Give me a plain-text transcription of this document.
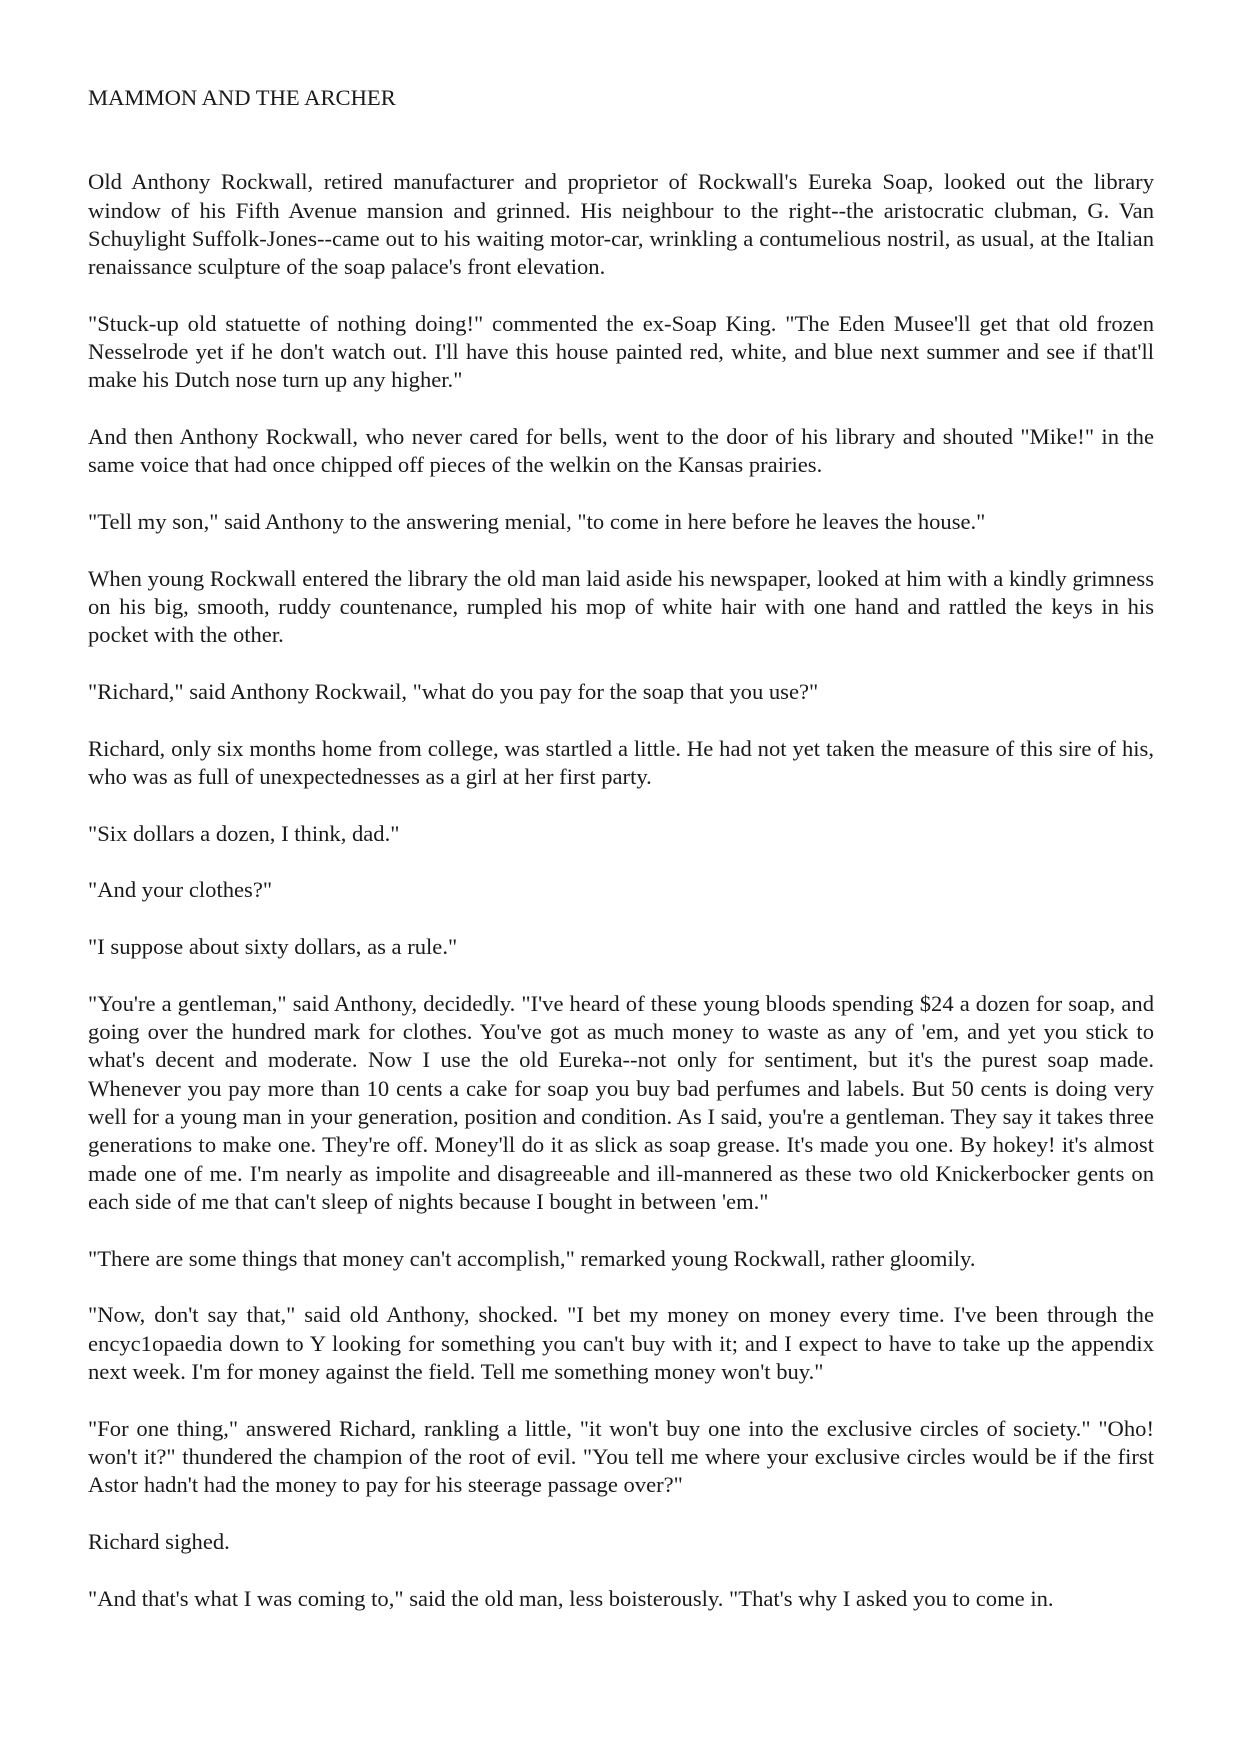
MAMMON AND THE ARCHER

Old Anthony Rockwall, retired manufacturer and proprietor of Rockwall's Eureka Soap, looked out the library window of his Fifth Avenue mansion and grinned. His neighbour to the right--the aristocratic clubman, G. Van Schuylight Suffolk-Jones--came out to his waiting motor-car, wrinkling a contumelious nostril, as usual, at the Italian renaissance sculpture of the soap palace's front elevation.

"Stuck-up old statuette of nothing doing!" commented the ex-Soap King. "The Eden Musee'll get that old frozen Nesselrode yet if he don't watch out. I'll have this house painted red, white, and blue next summer and see if that'll make his Dutch nose turn up any higher."

And then Anthony Rockwall, who never cared for bells, went to the door of his library and shouted "Mike!" in the same voice that had once chipped off pieces of the welkin on the Kansas prairies.

"Tell my son," said Anthony to the answering menial, "to come in here before he leaves the house."

When young Rockwall entered the library the old man laid aside his newspaper, looked at him with a kindly grimness on his big, smooth, ruddy countenance, rumpled his mop of white hair with one hand and rattled the keys in his pocket with the other.

"Richard," said Anthony Rockwail, "what do you pay for the soap that you use?"

Richard, only six months home from college, was startled a little. He had not yet taken the measure of this sire of his, who was as full of unexpectednesses as a girl at her first party.

"Six dollars a dozen, I think, dad."

"And your clothes?"

"I suppose about sixty dollars, as a rule."

"You're a gentleman," said Anthony, decidedly. "I've heard of these young bloods spending $24 a dozen for soap, and going over the hundred mark for clothes. You've got as much money to waste as any of 'em, and yet you stick to what's decent and moderate. Now I use the old Eureka--not only for sentiment, but it's the purest soap made. Whenever you pay more than 10 cents a cake for soap you buy bad perfumes and labels. But 50 cents is doing very well for a young man in your generation, position and condition. As I said, you're a gentleman. They say it takes three generations to make one. They're off. Money'll do it as slick as soap grease. It's made you one. By hokey! it's almost made one of me. I'm nearly as impolite and disagreeable and ill-mannered as these two old Knickerbocker gents on each side of me that can't sleep of nights because I bought in between 'em."

"There are some things that money can't accomplish," remarked young Rockwall, rather gloomily.

"Now, don't say that," said old Anthony, shocked. "I bet my money on money every time. I've been through the encyc1opaedia down to Y looking for something you can't buy with it; and I expect to have to take up the appendix next week. I'm for money against the field. Tell me something money won't buy."

"For one thing," answered Richard, rankling a little, "it won't buy one into the exclusive circles of society." "Oho! won't it?" thundered the champion of the root of evil. "You tell me where your exclusive circles would be if the first Astor hadn't had the money to pay for his steerage passage over?"

Richard sighed.

"And that's what I was coming to," said the old man, less boisterously. "That's why I asked you to come in.
